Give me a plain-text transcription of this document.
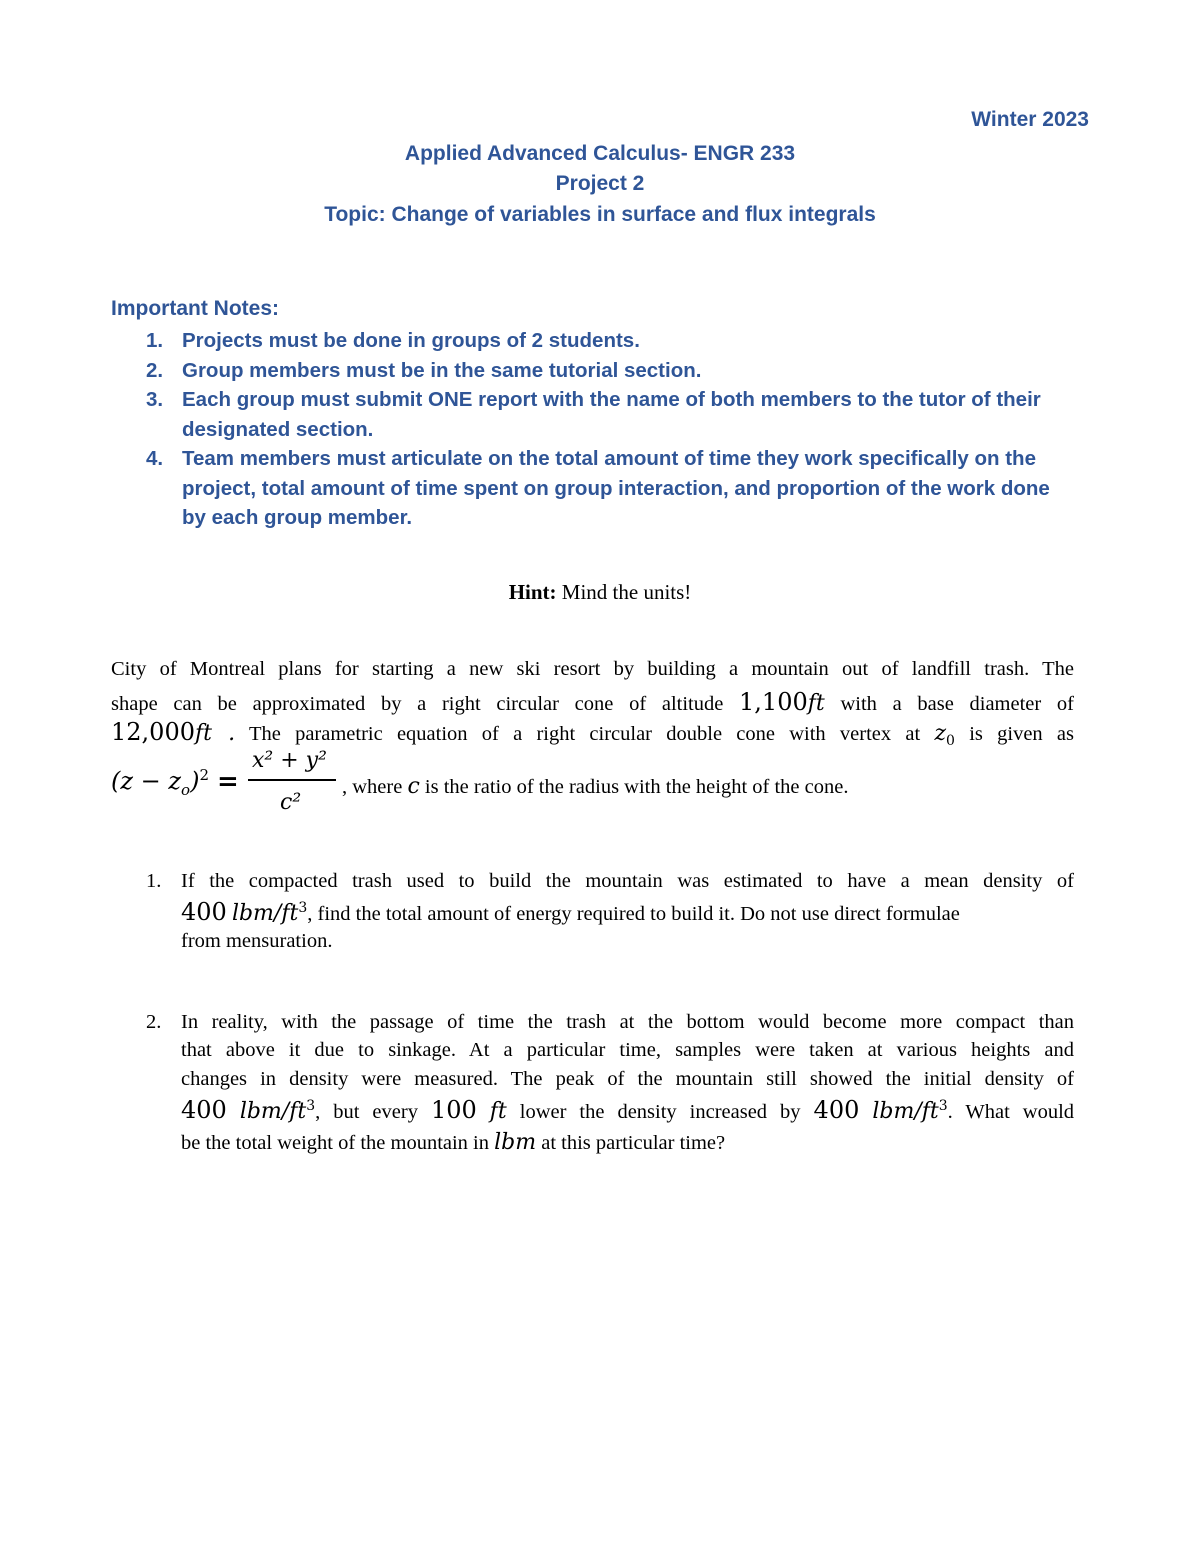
Winter 2023
Applied Advanced Calculus- ENGR 233
Project 2
Topic: Change of variables in surface and flux integrals
Important Notes:
1. Projects must be done in groups of 2 students.
2. Group members must be in the same tutorial section.
3. Each group must submit ONE report with the name of both members to the tutor of their designated section.
4. Team members must articulate on the total amount of time they work specifically on the project, total amount of time spent on group interaction, and proportion of the work done by each group member.
Hint: Mind the units!
City of Montreal plans for starting a new ski resort by building a mountain out of landfill trash. The
shape can be approximated by a right circular cone of altitude 1,100ft with a base diameter of
12,000ft . The parametric equation of a right circular double cone with vertex at $z_0$ is given as
$(z - z_o)^2$ =
x² + y²
c²
, where c is the ratio of the radius with the height of the cone.
1. If the compacted trash used to build the mountain was estimated to have a mean density of
400 lbm/$ft^3$, find the total amount of energy required to build it. Do not use direct formulae
from mensuration.
2. In reality, with the passage of time the trash at the bottom would become more compact than
that above it due to sinkage. At a particular time, samples were taken at various heights and
changes in density were measured. The peak of the mountain still showed the initial density of
400 lbm/$ft^3$, but every 100 ft lower the density increased by 400 lbm/$ft^3$. What would
be the total weight of the mountain in lbm at this particular time?
